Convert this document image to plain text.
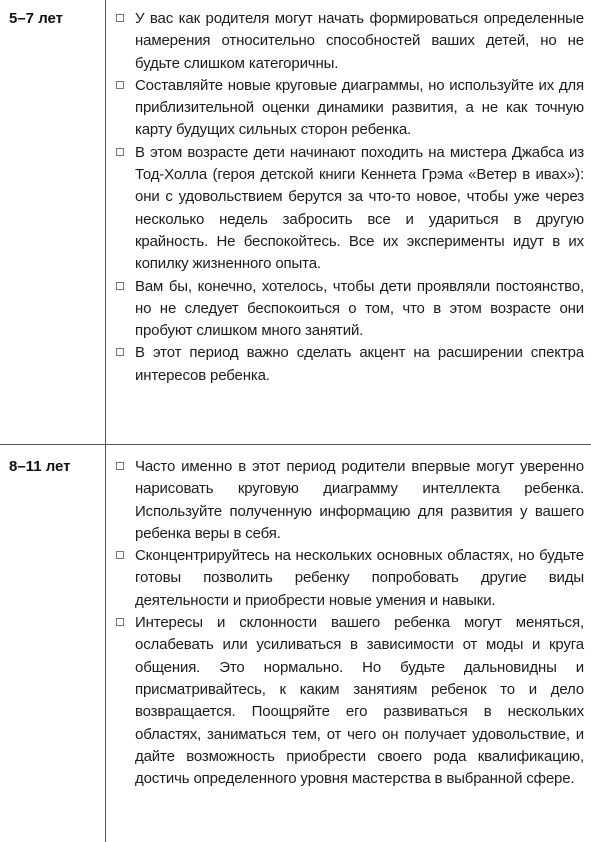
5–7 лет	У вас как родителя могут начать формироваться определенные намерения относительно способностей ваших детей, но не будьте слишком категоричны.
Составляйте новые круговые диаграммы, но используйте их для приблизительной оценки динамики развития, а не как точную карту будущих сильных сторон ребенка.
В этом возрасте дети начинают походить на мистера Джабса из Тод-Холла (героя детской книги Кеннета Грэма «Ветер в ивах»): они с удовольствием берутся за что-то новое, чтобы уже через несколько недель забросить все и удариться в другую крайность. Не беспокойтесь. Все их эксперименты идут в их копилку жизненного опыта.
Вам бы, конечно, хотелось, чтобы дети проявляли постоянство, но не следует беспокоиться о том, что в этом возрасте они пробуют слишком много занятий.
В этот период важно сделать акцент на расширении спектра интересов ребенка.
8–11 лет	Часто именно в этот период родители впервые могут уверенно нарисовать круговую диаграмму интеллекта ребенка. Используйте полученную информацию для развития у вашего ребенка веры в себя.
Сконцентрируйтесь на нескольких основных областях, но будьте готовы позволить ребенку попробовать другие виды деятельности и приобрести новые умения и навыки.
Интересы и склонности вашего ребенка могут меняться, ослабевать или усиливаться в зависимости от моды и круга общения. Это нормально. Но будьте дальновидны и присматривайтесь, к каким занятиям ребенок то и дело возвращается. Поощряйте его развиваться в нескольких областях, заниматься тем, от чего он получает удовольствие, и дайте возможность приобрести своего рода квалификацию, достичь определенного уровня мастерства в выбранной сфере.
